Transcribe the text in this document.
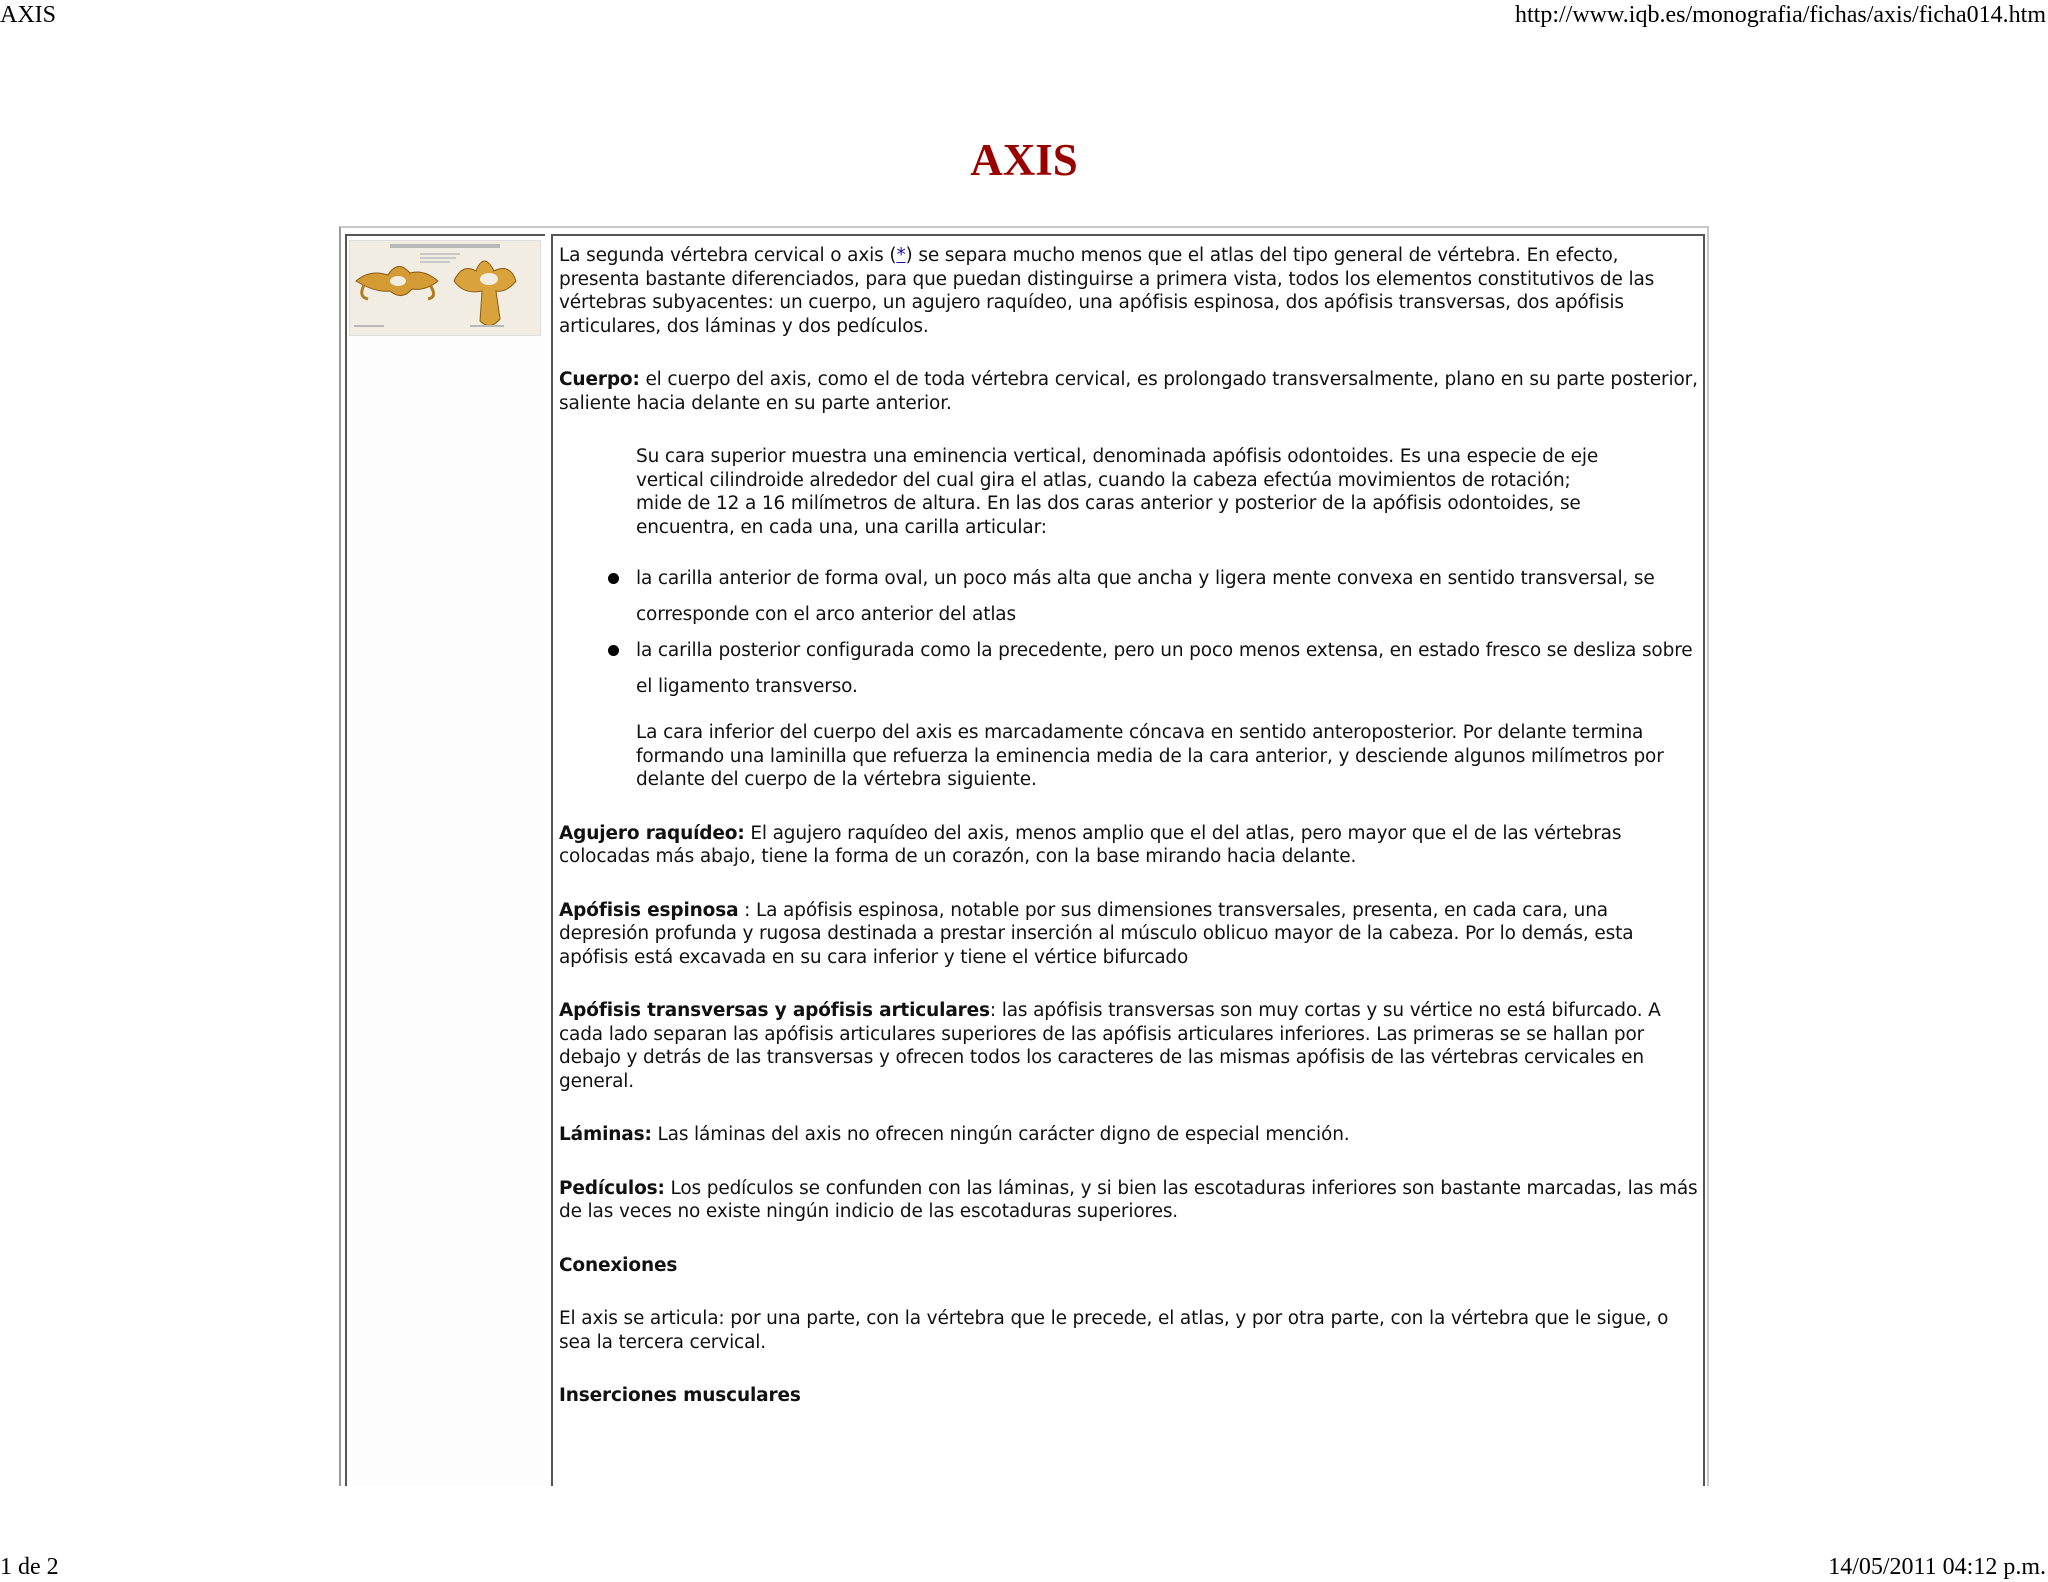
AXIS	http://www.iqb.es/monografia/fichas/axis/ficha014.htm
AXIS

La segunda vértebra cervical o axis (*) se separa mucho menos que el atlas del tipo general de vértebra. En efecto, presenta bastante diferenciados, para que puedan distinguirse a primera vista, todos los elementos constitutivos de las vértebras subyacentes: un cuerpo, un agujero raquídeo, una apófisis espinosa, dos apófisis transversas, dos apófisis articulares, dos láminas y dos pedículos.

Cuerpo: el cuerpo del axis, como el de toda vértebra cervical, es prolongado transversalmente, plano en su parte posterior, saliente hacia delante en su parte anterior.

Su cara superior muestra una eminencia vertical, denominada apófisis odontoides. Es una especie de eje vertical cilindroide alrededor del cual gira el atlas, cuando la cabeza efectúa movimientos de rotación; mide de 12 a 16 milímetros de altura. En las dos caras anterior y posterior de la apófisis odontoides, se encuentra, en cada una, una carilla articular:

la carilla anterior de forma oval, un poco más alta que ancha y ligera mente convexa en sentido transversal, se corresponde con el arco anterior del atlas
la carilla posterior configurada como la precedente, pero un poco menos extensa, en estado fresco se desliza sobre el ligamento transverso.

La cara inferior del cuerpo del axis es marcadamente cóncava en sentido anteroposterior. Por delante termina formando una laminilla que refuerza la eminencia media de la cara anterior, y desciende algunos milímetros por delante del cuerpo de la vértebra siguiente.

Agujero raquídeo: El agujero raquídeo del axis, menos amplio que el del atlas, pero mayor que el de las vértebras colocadas más abajo, tiene la forma de un corazón, con la base mirando hacia delante.

Apófisis espinosa : La apófisis espinosa, notable por sus dimensiones transversales, presenta, en cada cara, una depresión profunda y rugosa destinada a prestar inserción al músculo oblicuo mayor de la cabeza. Por lo demás, esta apófisis está excavada en su cara inferior y tiene el vértice bifurcado

Apófisis transversas y apófisis articulares: las apófisis transversas son muy cortas y su vértice no está bifurcado. A cada lado separan las apófisis articulares superiores de las apófisis articulares inferiores. Las primeras se se hallan por debajo y detrás de las transversas y ofrecen todos los caracteres de las mismas apófisis de las vértebras cervicales en general.

Láminas: Las láminas del axis no ofrecen ningún carácter digno de especial mención.

Pedículos: Los pedículos se confunden con las láminas, y si bien las escotaduras inferiores son bastante marcadas, las más de las veces no existe ningún indicio de las escotaduras superiores.

Conexiones

El axis se articula: por una parte, con la vértebra que le precede, el atlas, y por otra parte, con la vértebra que le sigue, o sea la tercera cervical.

Inserciones musculares

1 de 2	14/05/2011 04:12 p.m.
